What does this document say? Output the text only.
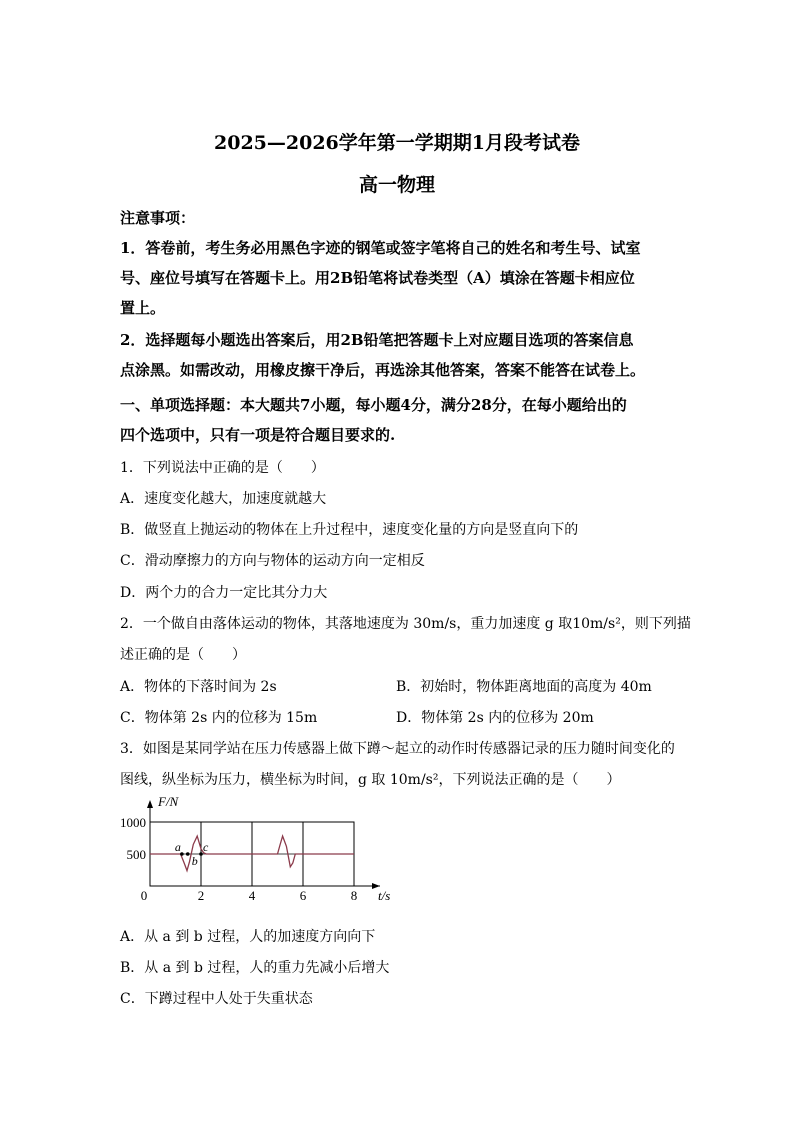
2025—2026学年第一学期期1月段考试卷
高一物理
注意事项：
1．答卷前，考生务必用黑色字迹的钢笔或签字笔将自己的姓名和考生号、试室
号、座位号填写在答题卡上。用2B铅笔将试卷类型（A）填涂在答题卡相应位
置上。
2．选择题每小题选出答案后，用2B铅笔把答题卡上对应题目选项的答案信息
点涂黑。如需改动，用橡皮擦干净后，再选涂其他答案，答案不能答在试卷上。
一、单项选择题：本大题共7小题，每小题4分，满分28分，在每小题给出的
四个选项中，只有一项是符合题目要求的.
1．下列说法中正确的是（　　）
A．速度变化越大，加速度就越大
B．做竖直上抛运动的物体在上升过程中，速度变化量的方向是竖直向下的
C．滑动摩擦力的方向与物体的运动方向一定相反
D．两个力的合力一定比其分力大
2．一个做自由落体运动的物体，其落地速度为 30m/s，重力加速度 g 取10m/s²，则下列描
述正确的是（　　）
A．物体的下落时间为 2s	B．初始时，物体距离地面的高度为 40m
C．物体第 2s 内的位移为 15m	D．物体第 2s 内的位移为 20m
3．如图是某同学站在压力传感器上做下蹲～起立的动作时传感器记录的压力随时间变化的
图线，纵坐标为压力，横坐标为时间，g 取 10m/s²，下列说法正确的是（　　）
F/N
t/s
500
1000
0	2	4	6	8
a
b
c
A．从 a 到 b 过程，人的加速度方向向下
B．从 a 到 b 过程，人的重力先减小后增大
C．下蹲过程中人处于失重状态
